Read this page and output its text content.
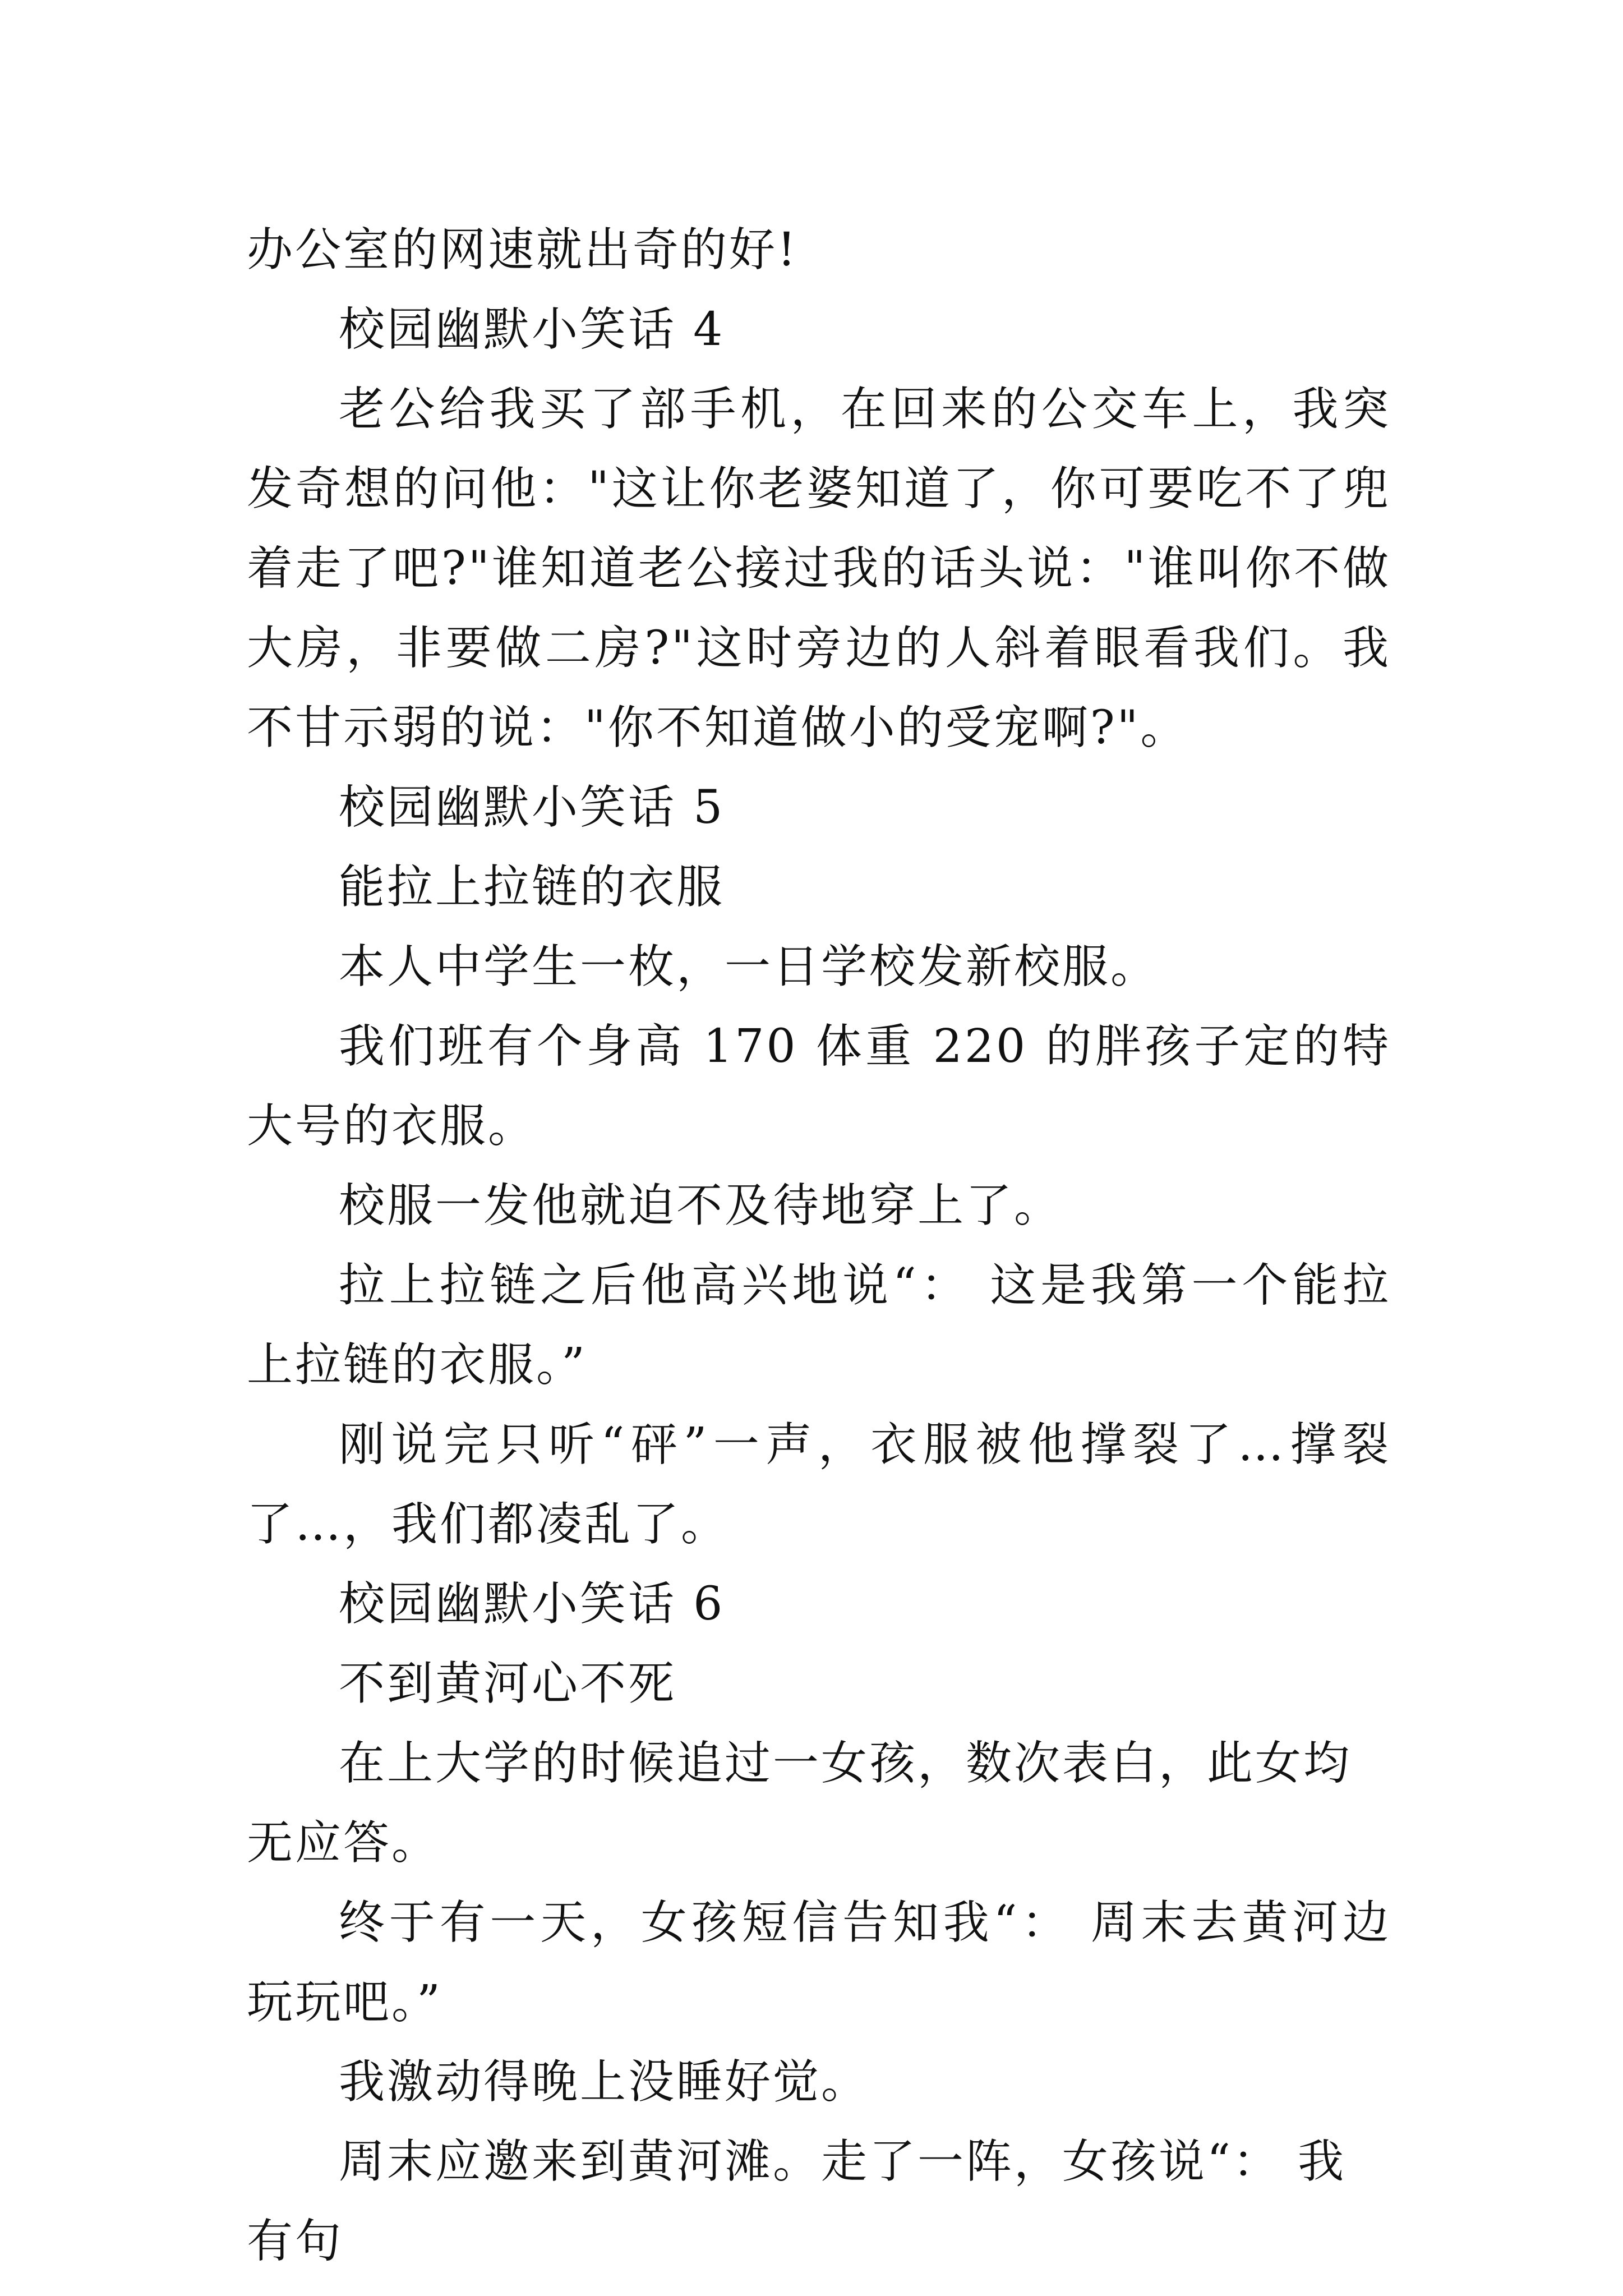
办公室的网速就出奇的好!

校园幽默小笑话 4

老公给我买了部手机，在回来的公交车上，我突发奇想的问他："这让你老婆知道了，你可要吃不了兜着走了吧?"谁知道老公接过我的话头说："谁叫你不做大房，非要做二房?"这时旁边的人斜着眼看我们。我不甘示弱的说："你不知道做小的受宠啊?"。

校园幽默小笑话 5

能拉上拉链的衣服

本人中学生一枚，一日学校发新校服。

我们班有个身高 170 体重 220 的胖孩子定的特大号的衣服。

校服一发他就迫不及待地穿上了。

拉上拉链之后他高兴地说“： 这是我第一个能拉上拉链的衣服。”

刚说完只听“砰”一声，衣服被他撑裂了…撑裂了…，我们都凌乱了。

校园幽默小笑话 6

不到黄河心不死

在上大学的时候追过一女孩，数次表白，此女均无应答。

终于有一天，女孩短信告知我“： 周末去黄河边玩玩吧。”

我激动得晚上没睡好觉。

周末应邀来到黄河滩。走了一阵，女孩说“： 我有句
